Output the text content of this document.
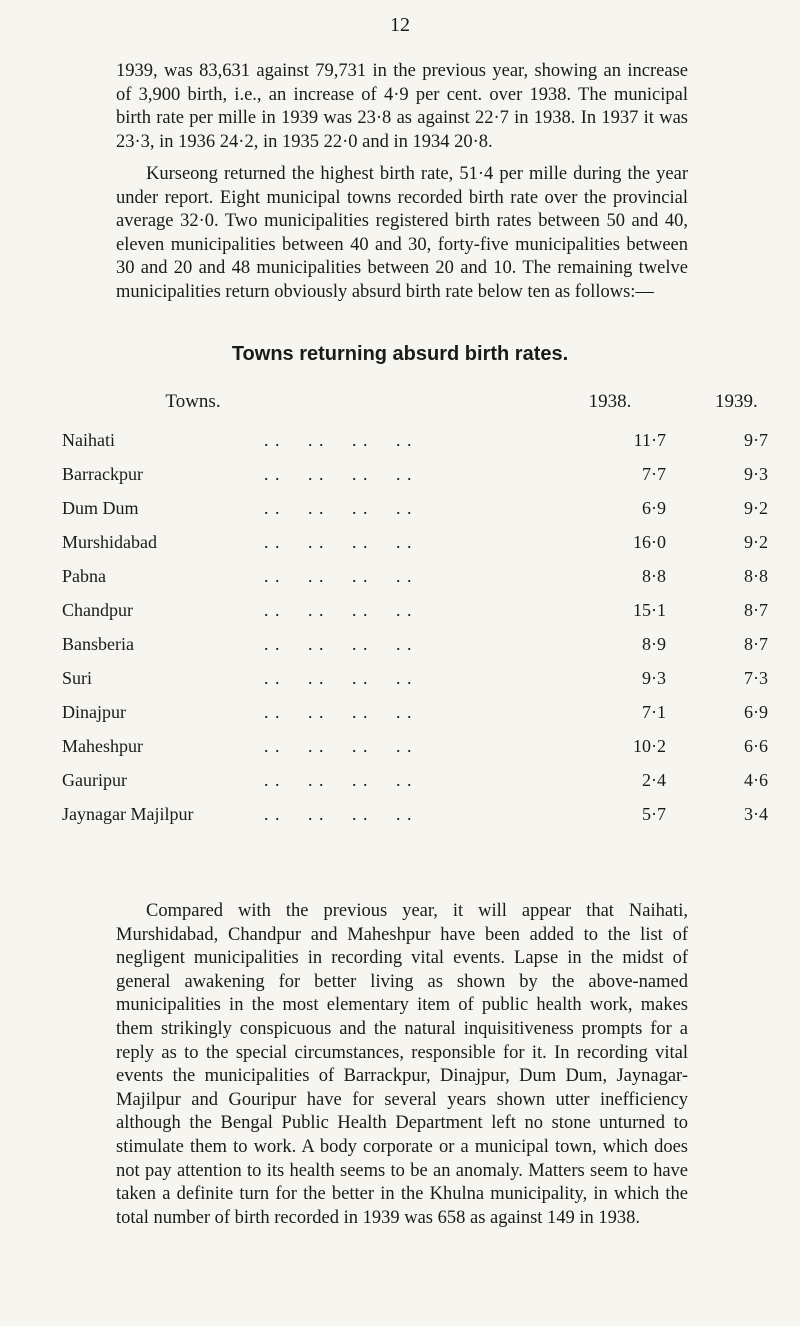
12

1939, was 83,631 against 79,731 in the previous year, showing an increase of 3,900 birth, i.e., an increase of 4·9 per cent. over 1938. The municipal birth rate per mille in 1939 was 23·8 as against 22·7 in 1938. In 1937 it was 23·3, in 1936 24·2, in 1935 22·0 and in 1934 20·8.

Kurseong returned the highest birth rate, 51·4 per mille during the year under report. Eight municipal towns recorded birth rate over the provincial average 32·0. Two municipalities registered birth rates between 50 and 40, eleven municipalities between 40 and 30, forty-five municipalities between 30 and 20 and 48 municipalities between 20 and 10. The remaining twelve municipalities return obviously absurd birth rate below ten as follows:—

Towns returning absurd birth rates.
Towns.	1938.	1939.
Naihati	. .     . .     . .     . .	11·7	9·7
Barrackpur	. .     . .     . .     . .	7·7	9·3
Dum Dum	. .     . .     . .     . .	6·9	9·2
Murshidabad	. .     . .     . .     . .	16·0	9·2
Pabna	. .     . .     . .     . .	8·8	8·8
Chandpur	. .     . .     . .     . .	15·1	8·7
Bansberia	. .     . .     . .     . .	8·9	8·7
Suri	. .     . .     . .     . .	9·3	7·3
Dinajpur	. .     . .     . .     . .	7·1	6·9
Maheshpur	. .     . .     . .     . .	10·2	6·6
Gauripur	. .     . .     . .     . .	2·4	4·6
Jaynagar Majilpur	. .     . .     . .     . .	5·7	3·4

Compared with the previous year, it will appear that Naihati, Murshidabad, Chandpur and Maheshpur have been added to the list of negligent municipalities in recording vital events. Lapse in the midst of general awakening for better living as shown by the above-named municipalities in the most elementary item of public health work, makes them strikingly conspicuous and the natural inquisitiveness prompts for a reply as to the special circumstances, responsible for it. In recording vital events the municipalities of Barrackpur, Dinajpur, Dum Dum, Jaynagar-Majilpur and Gouripur have for several years shown utter inefficiency although the Bengal Public Health Department left no stone unturned to stimulate them to work. A body corporate or a municipal town, which does not pay attention to its health seems to be an anomaly. Matters seem to have taken a definite turn for the better in the Khulna municipality, in which the total number of birth recorded in 1939 was 658 as against 149 in 1938.
